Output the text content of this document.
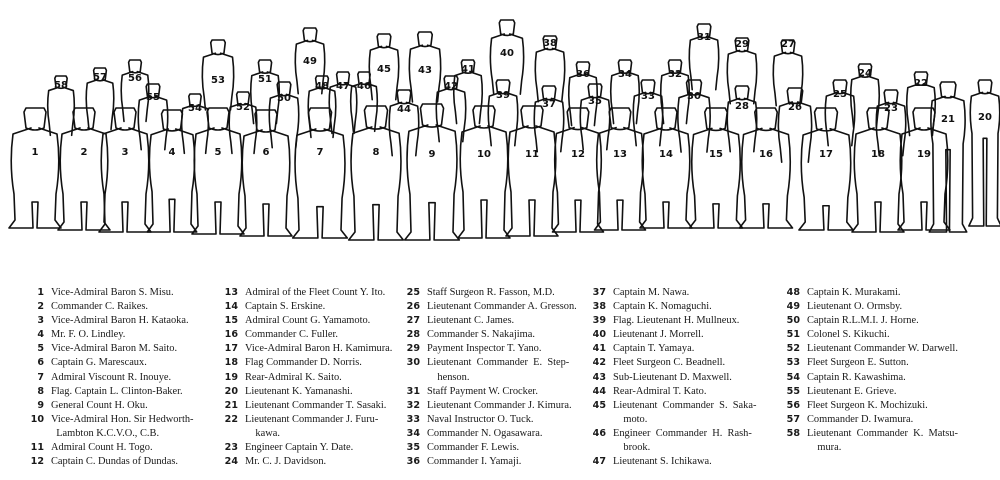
1	2	3	4	5	6	7	8	9	10	11	12	13	14	15	16	17	18	19
20
21
22
23
24
25
26
27
28
29
30
31
32
33
34
35
36
37
38
39
40
41
42
43
44
45
46
47
48
49
50
51
52
53
54
55
56
57
58
1 Vice-Admiral Baron S. Misu.
2 Commander C. Raikes.
3 Vice-Admiral Baron H. Kataoka.
4 Mr. F. O. Lindley.
5 Vice-Admiral Baron M. Saito.
6 Captain G. Marescaux.
7 Admiral Viscount R. Inouye.
8 Flag. Captain L. Clinton-Baker.
9 General Count H. Oku.
10 Vice-Admiral Hon. Sir Hedworth-
Lambton K.C.V.O., C.B.
11 Admiral Count H. Togo.
12 Captain C. Dundas of Dundas.
13 Admiral of the Fleet Count Y. Ito.
14 Captain S. Erskine.
15 Admiral Count G. Yamamoto.
16 Commander C. Fuller.
17 Vice-Admiral Baron H. Kamimura.
18 Flag Commander D. Norris.
19 Rear-Admiral K. Saito.
20 Lieutenant K. Yamanashi.
21 Lieutenant Commander T. Sasaki.
22 Lieutenant Commander J. Furu-
kawa.
23 Engineer Captain Y. Date.
24 Mr. C. J. Davidson.
25 Staff Surgeon R. Fasson, M.D.
26 Lieutenant Commander A. Gresson.
27 Lieutenant C. James.
28 Commander S. Nakajima.
29 Payment Inspector T. Yano.
30 Lieutenant  Commander  E.  Step-
henson.
31 Staff Payment W. Crocker.
32 Lieutenant Commander J. Kimura.
33 Naval Instructor O. Tuck.
34 Commander N. Ogasawara.
35 Commander F. Lewis.
36 Commander I. Yamaji.
37 Captain M. Nawa.
38 Captain K. Nomaguchi.
39 Flag. Lieutenant H. Mullneux.
40 Lieutenant J. Morrell.
41 Captain T. Yamaya.
42 Fleet Surgeon C. Beadnell.
43 Sub-Lieutenant D. Maxwell.
44 Rear-Admiral T. Kato.
45 Lieutenant  Commander  S.  Saka-
moto.
46 Engineer  Commander  H.  Rash-
brook.
47 Lieutenant S. Ichikawa.
48 Captain K. Murakami.
49 Lieutenant O. Ormsby.
50 Captain R.L.M.I. J. Horne.
51 Colonel S. Kikuchi.
52 Lieutenant Commander W. Darwell.
53 Fleet Surgeon E. Sutton.
54 Captain R. Kawashima.
55 Lieutenant E. Grieve.
56 Fleet Surgeon K. Mochizuki.
57 Commander D. Iwamura.
58 Lieutenant  Commander  K.  Matsu-
mura.
